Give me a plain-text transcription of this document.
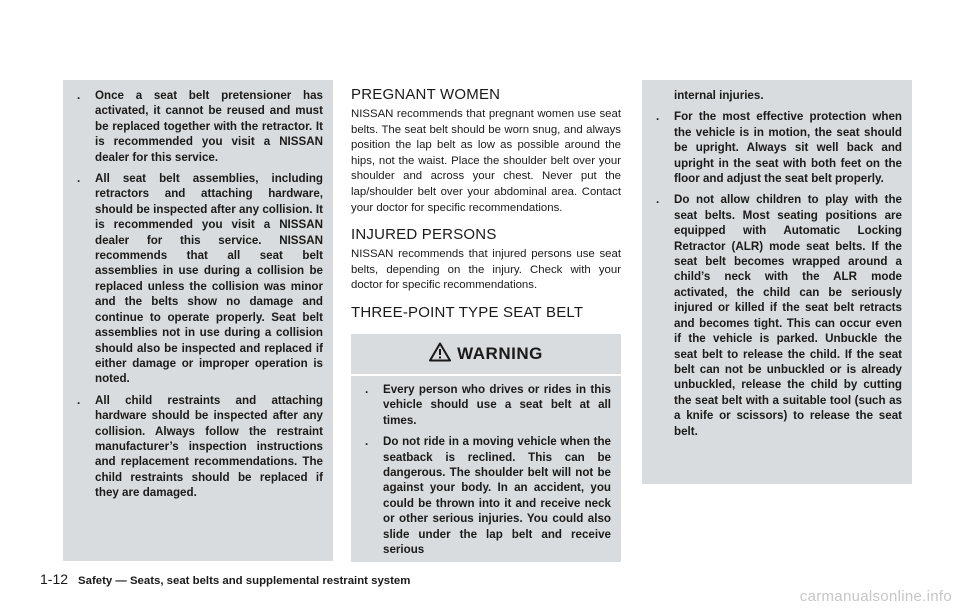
. Once a seat belt pretensioner has activated, it cannot be reused and must be replaced together with the retractor. It is recommended you visit a NISSAN dealer for this service.
. All seat belt assemblies, including retractors and attaching hardware, should be inspected after any collision. It is recommended you visit a NISSAN dealer for this service. NISSAN recommends that all seat belt assemblies in use during a collision be replaced unless the collision was minor and the belts show no damage and continue to operate properly. Seat belt assemblies not in use during a collision should also be inspected and replaced if either damage or improper operation is noted.
. All child restraints and attaching hardware should be inspected after any collision. Always follow the restraint manufacturer’s inspection instructions and replacement recommendations. The child restraints should be replaced if they are damaged.
PREGNANT WOMEN

NISSAN recommends that pregnant women use seat belts. The seat belt should be worn snug, and always position the lap belt as low as possible around the hips, not the waist. Place the shoulder belt over your shoulder and across your chest. Never put the lap/shoulder belt over your abdominal area. Contact your doctor for specific recommendations.

INJURED PERSONS

NISSAN recommends that injured persons use seat belts, depending on the injury. Check with your doctor for specific recommendations.

THREE-POINT TYPE SEAT BELT
WARNING
. Every person who drives or rides in this vehicle should use a seat belt at all times.
. Do not ride in a moving vehicle when the seatback is reclined. This can be dangerous. The shoulder belt will not be against your body. In an accident, you could be thrown into it and receive neck or other serious injuries. You could also slide under the lap belt and receive serious
internal injuries.
. For the most effective protection when the vehicle is in motion, the seat should be upright. Always sit well back and upright in the seat with both feet on the floor and adjust the seat belt properly.
. Do not allow children to play with the seat belts. Most seating positions are equipped with Automatic Locking Retractor (ALR) mode seat belts. If the seat belt becomes wrapped around a child’s neck with the ALR mode activated, the child can be seriously injured or killed if the seat belt retracts and becomes tight. This can occur even if the vehicle is parked. Unbuckle the seat belt to release the child. If the seat belt can not be unbuckled or is already unbuckled, release the child by cutting the seat belt with a suitable tool (such as a knife or scissors) to release the seat belt.
1-12 Safety — Seats, seat belts and supplemental restraint system
carmanualsonline.info
